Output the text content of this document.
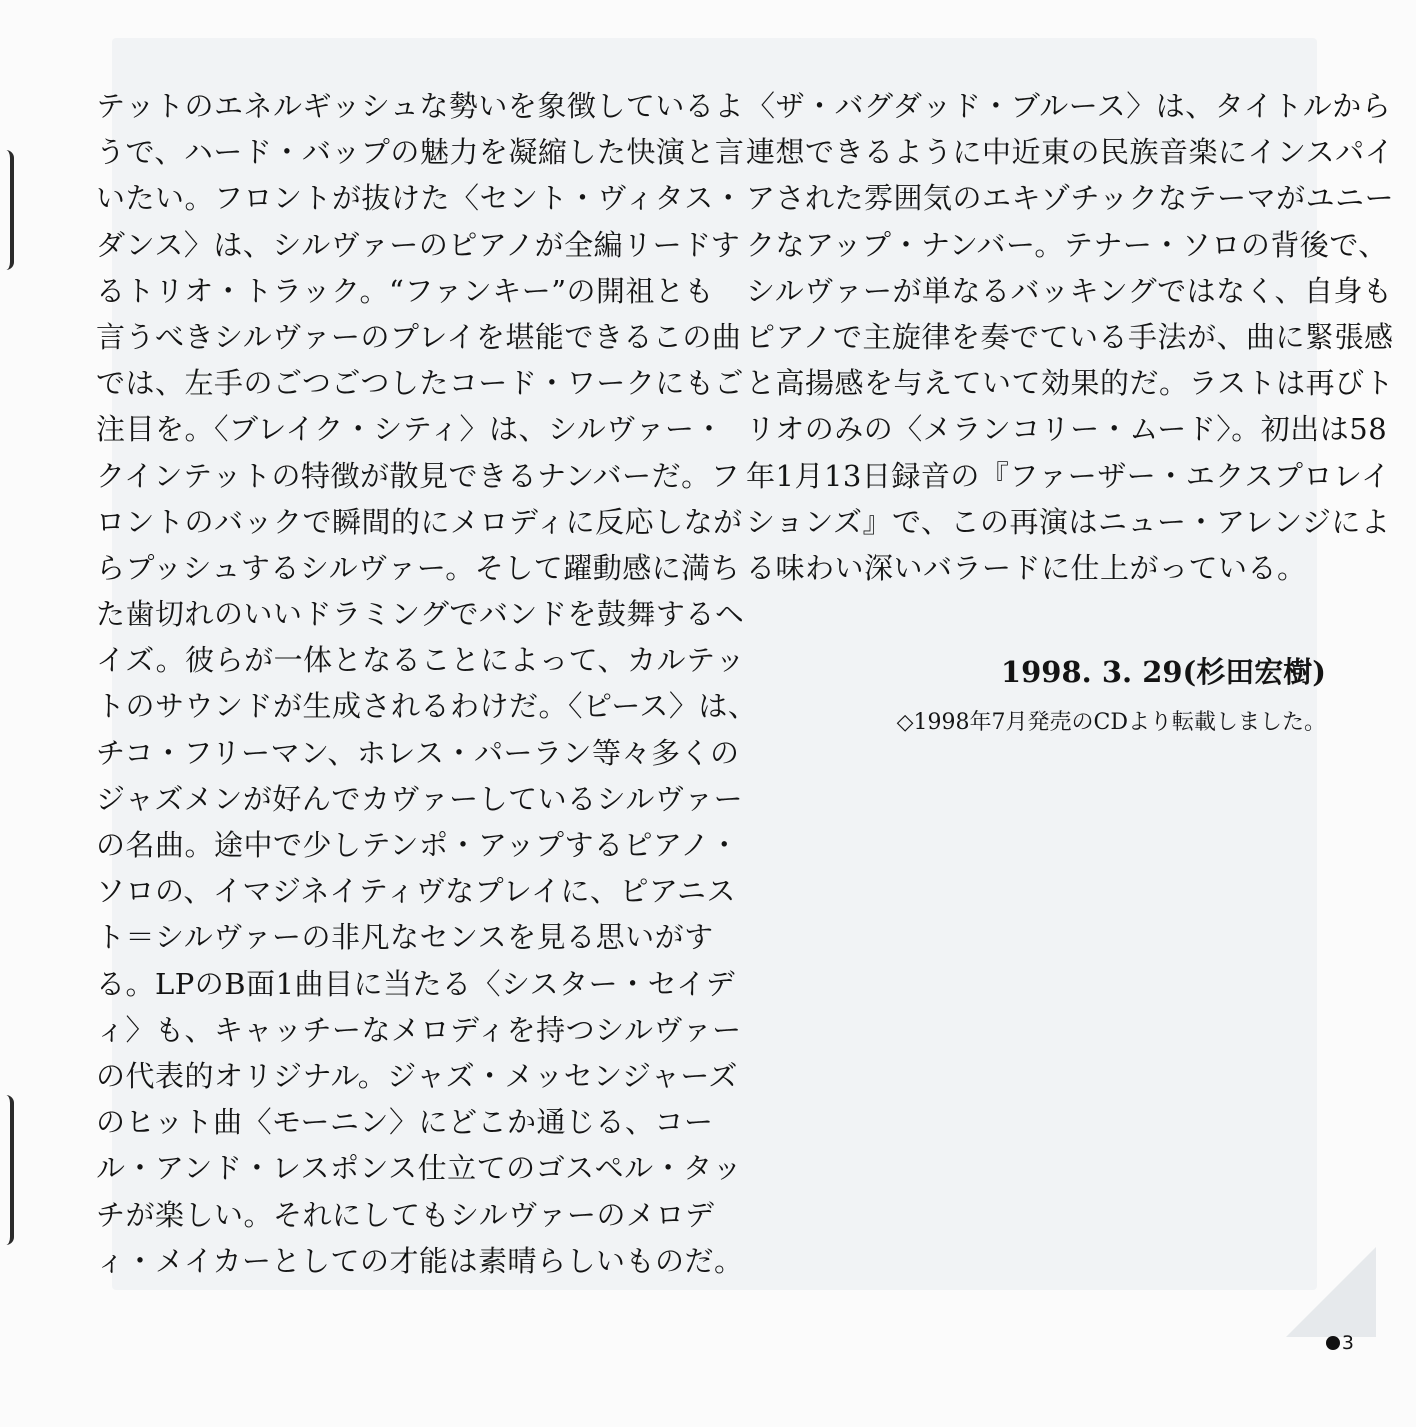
テットのエネルギッシュな勢いを象徴しているよ
うで、ハード・バップの魅力を凝縮した快演と言
いたい。フロントが抜けた〈セント・ヴィタス・
ダンス〉は、シルヴァーのピアノが全編リードす
るトリオ・トラック。“ファンキー”の開祖とも
言うべきシルヴァーのプレイを堪能できるこの曲
では、左手のごつごつしたコード・ワークにもご
注目を。〈ブレイク・シティ〉は、シルヴァー・
クインテットの特徴が散見できるナンバーだ。フ
ロントのバックで瞬間的にメロディに反応しなが
らプッシュするシルヴァー。そして躍動感に満ち
た歯切れのいいドラミングでバンドを鼓舞するヘ
イズ。彼らが一体となることによって、カルテッ
トのサウンドが生成されるわけだ。〈ピース〉は、
チコ・フリーマン、ホレス・パーラン等々多くの
ジャズメンが好んでカヴァーしているシルヴァー
の名曲。途中で少しテンポ・アップするピアノ・
ソロの、イマジネイティヴなプレイに、ピアニス
ト＝シルヴァーの非凡なセンスを見る思いがす
る。LPのB面1曲目に当たる〈シスター・セイデ
ィ〉も、キャッチーなメロディを持つシルヴァー
の代表的オリジナル。ジャズ・メッセンジャーズ
のヒット曲〈モーニン〉にどこか通じる、コー
ル・アンド・レスポンス仕立てのゴスペル・タッ
チが楽しい。それにしてもシルヴァーのメロデ
ィ・メイカーとしての才能は素晴らしいものだ。
〈ザ・バグダッド・ブルース〉は、タイトルから
連想できるように中近東の民族音楽にインスパイ
アされた雰囲気のエキゾチックなテーマがユニー
クなアップ・ナンバー。テナー・ソロの背後で、
シルヴァーが単なるバッキングではなく、自身も
ピアノで主旋律を奏でている手法が、曲に緊張感
と高揚感を与えていて効果的だ。ラストは再びト
リオのみの〈メランコリー・ムード〉。初出は58
年1月13日録音の『ファーザー・エクスプロレイ
ションズ』で、この再演はニュー・アレンジによ
る味わい深いバラードに仕上がっている。
1998. 3. 29(杉田宏樹)
◇1998年7月発売のCDより転載しました。
3
